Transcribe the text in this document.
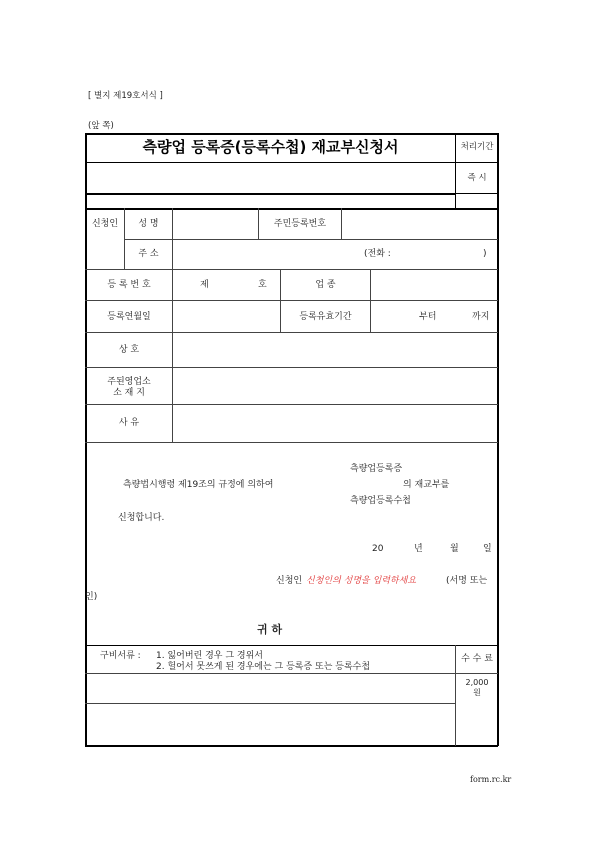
[ 별지 제19호서식 ]
(앞 쪽)
측량업 등록증(등록수첩) 재교부신청서	처리기간
즉 시
신청인	성 명	주민등록번호
주 소	(전화 :	)
등 록 번 호	제	호	업 종
등록연월일	등록유효기간	부터	까지
상 호
주된영업소
소 재 지
사 유
측량업등록증
측량법시행령 제19조의 규정에 의하여	의 재교부를
측량업등록수첩
신청합니다.
20	년	월	일
신청인 신청인의 성명을 입력하세요	(서명 또는
인)
귀 하
구비서류 : 1. 잃어버린 경우 그 경위서
2. 헐어서 못쓰게 된 경우에는 그 등록증 또는 등록수첩
수 수 료
2,000
원
form.rc.kr
